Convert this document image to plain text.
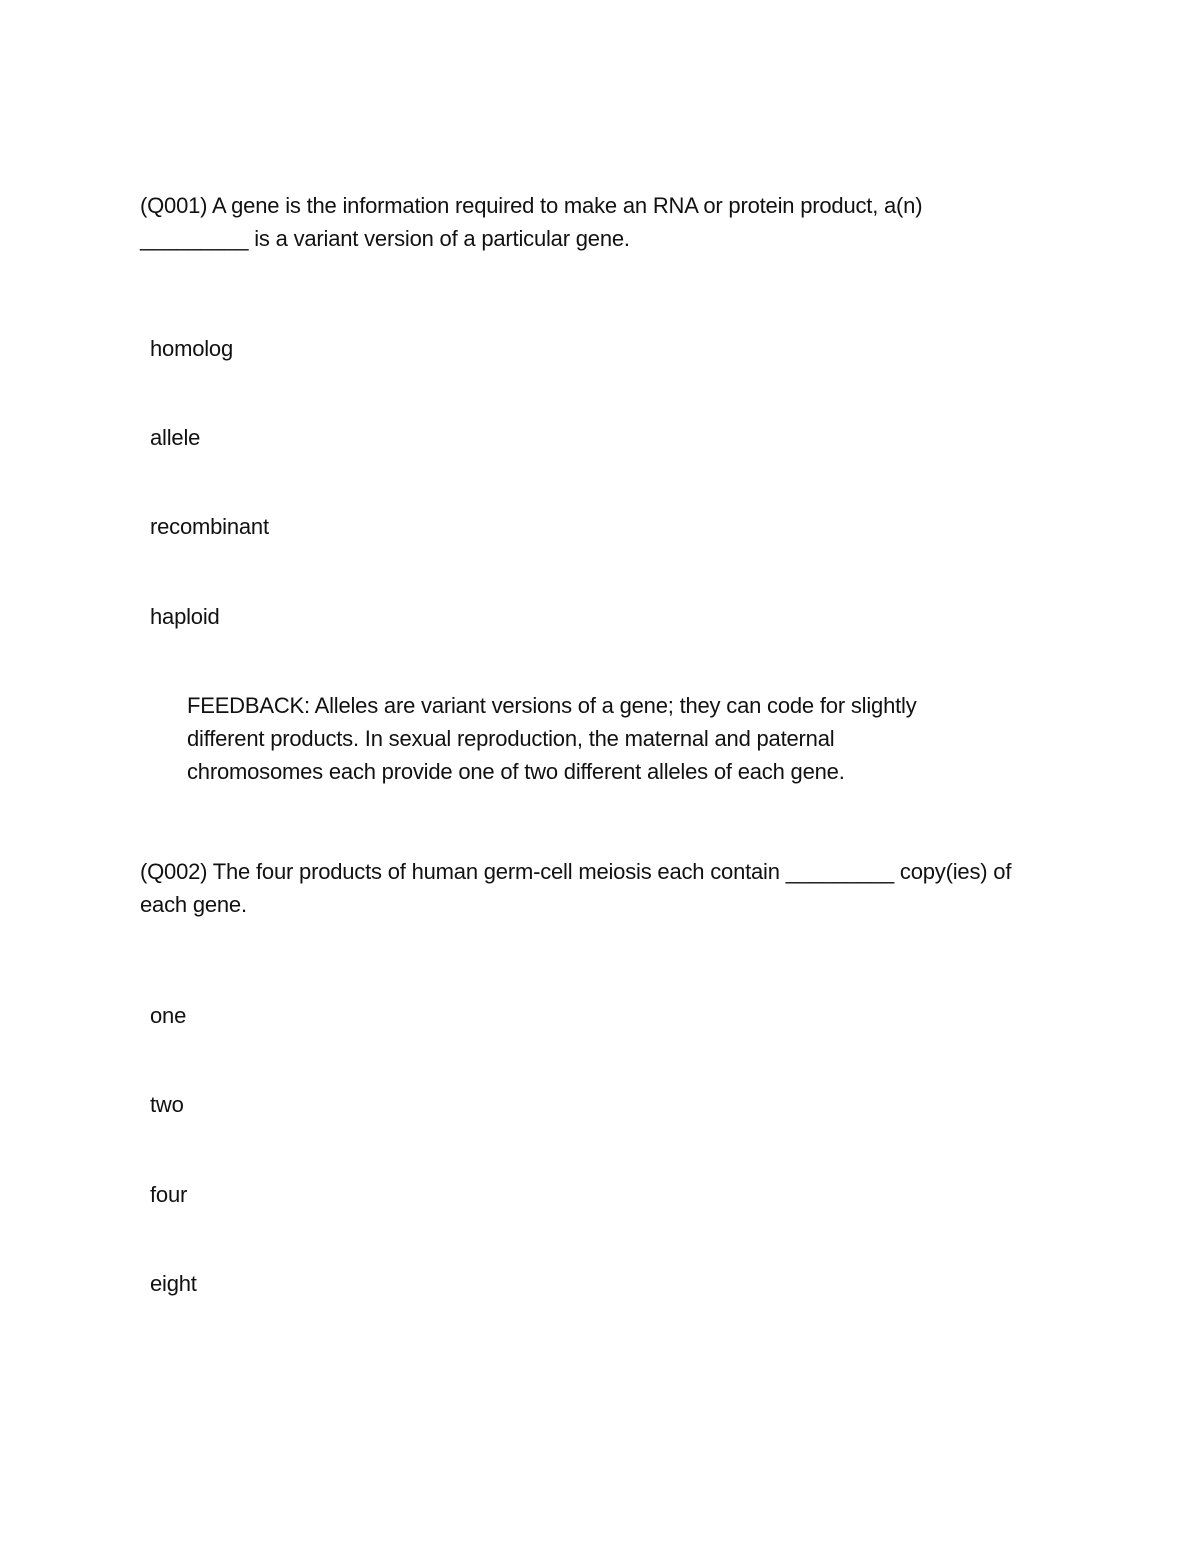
(Q001) A gene is the information required to make an RNA or protein product, a(n)
_________ is a variant version of a particular gene.
homolog
allele
recombinant
haploid
FEEDBACK: Alleles are variant versions of a gene; they can code for slightly
different products. In sexual reproduction, the maternal and paternal
chromosomes each provide one of two different alleles of each gene.
(Q002) The four products of human germ-cell meiosis each contain _________ copy(ies) of
each gene.
one
two
four
eight
